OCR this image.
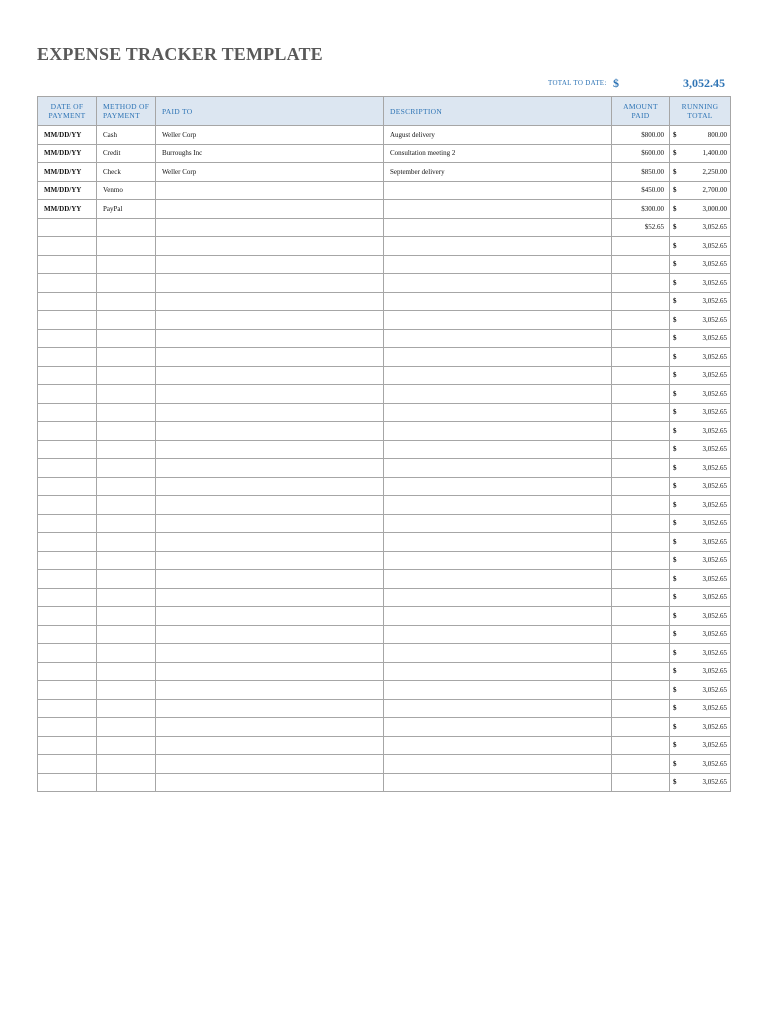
EXPENSE TRACKER TEMPLATE
TOTAL TO DATE: $	3,052.45
DATE OF PAYMENT	METHOD OF PAYMENT	PAID TO	DESCRIPTION	AMOUNT PAID	RUNNING TOTAL

MM/DD/YY	Cash	Weller Corp	August delivery	$800.00	$ 800.00

MM/DD/YY	Credit	Burroughs Inc	Consultation meeting 2	$600.00	$ 1,400.00

MM/DD/YY	Check	Weller Corp	September delivery	$850.00	$ 2,250.00

MM/DD/YY	Venmo			$450.00	$ 2,700.00

MM/DD/YY	PayPal			$300.00	$ 3,000.00

				$52.65	$ 3,052.65

					$ 3,052.65

					$ 3,052.65

					$ 3,052.65

					$ 3,052.65

					$ 3,052.65

					$ 3,052.65

					$ 3,052.65

					$ 3,052.65

					$ 3,052.65

					$ 3,052.65

					$ 3,052.65

					$ 3,052.65

					$ 3,052.65

					$ 3,052.65

					$ 3,052.65

					$ 3,052.65

					$ 3,052.65

					$ 3,052.65

					$ 3,052.65

					$ 3,052.65

					$ 3,052.65

					$ 3,052.65

					$ 3,052.65

					$ 3,052.65

					$ 3,052.65

					$ 3,052.65

					$ 3,052.65

					$ 3,052.65

					$ 3,052.65

					$ 3,052.65
